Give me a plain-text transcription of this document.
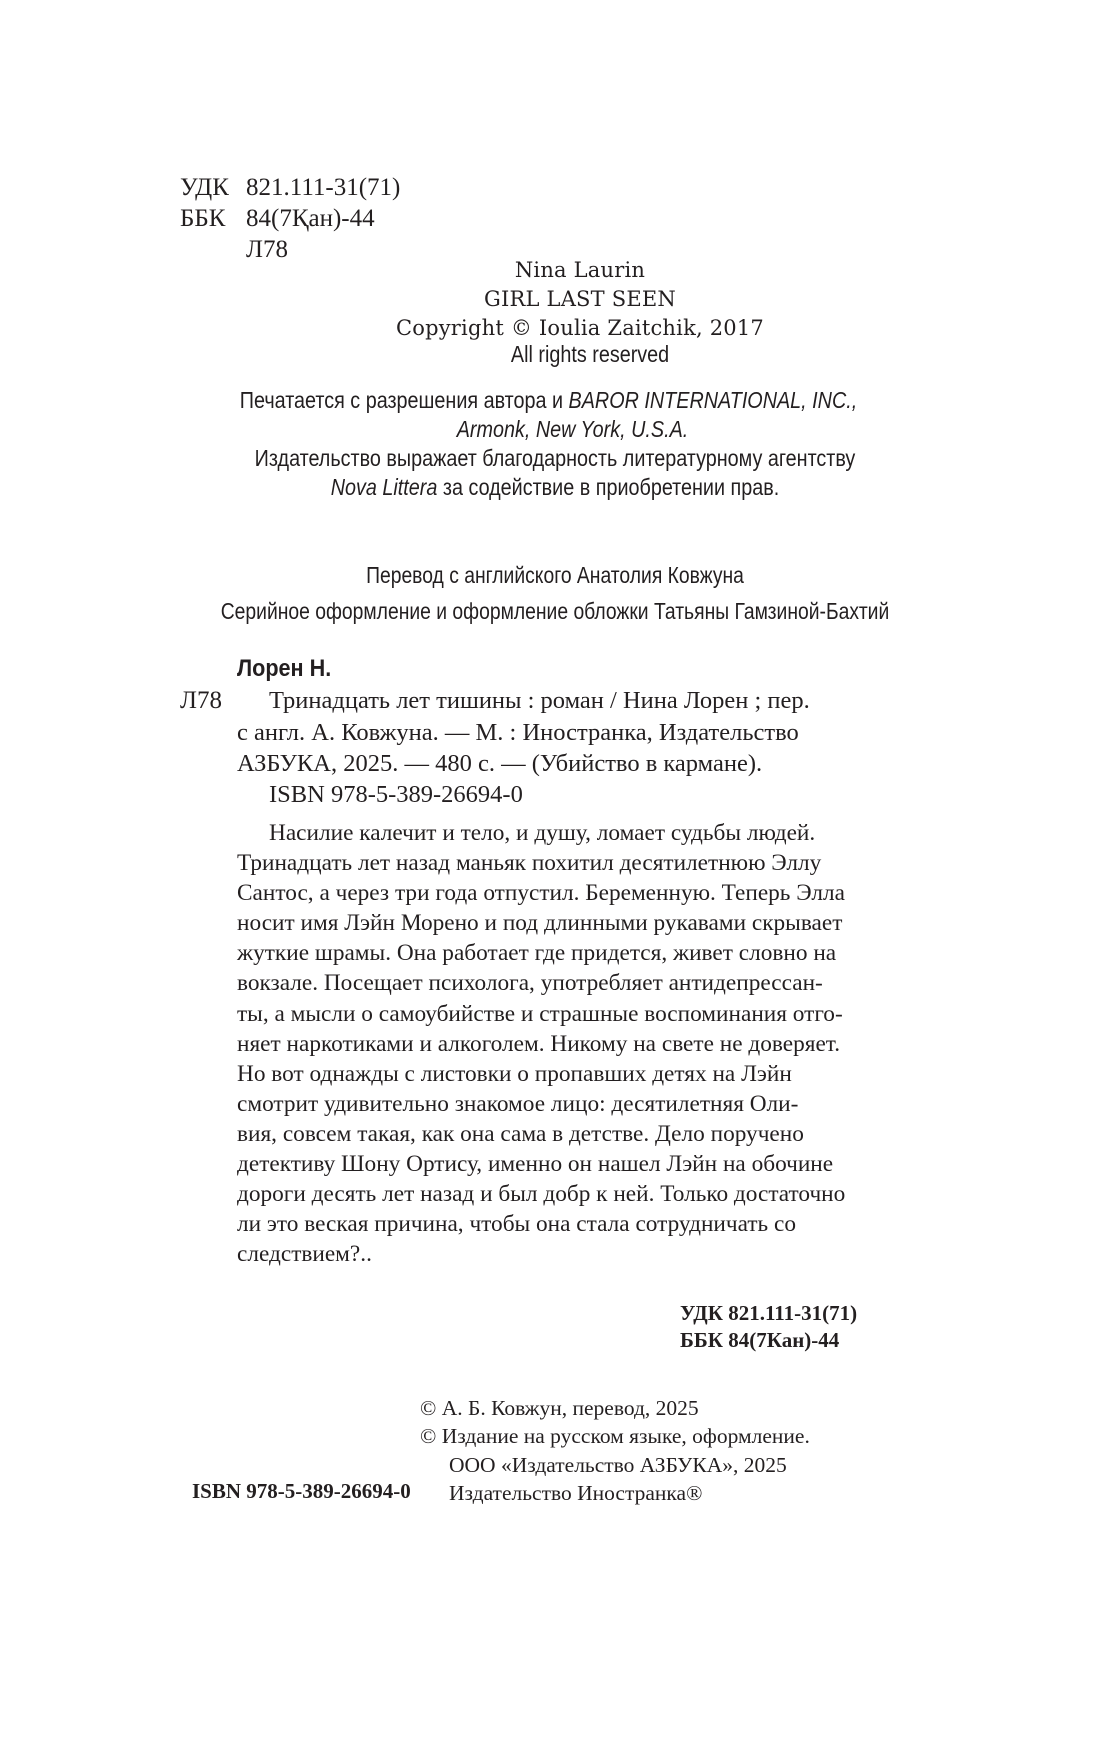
УДК 821.111-31(71)
ББК 84(7Қан)-44
Л78
Nina Laurin
GIRL LAST SEEN
Copyright © Ioulia Zaitchik, 2017
All rights reserved
Печатается с разрешения автора и BAROR INTERNATIONAL, INC.,
Armonk, New York, U.S.A.
Издательство выражает благодарность литературному агентству
Nova Littera за содействие в приобретении прав.
Перевод с английского Анатолия Ковжуна
Серийное оформление и оформление обложки Татьяны Гамзиной-Бахтий
Лорен Н.
Л78 Тринадцать лет тишины : роман / Нина Лорен ; пер.
с англ. А. Ковжуна. — М. : Иностранка, Издательство
АЗБУКА, 2025. — 480 с. — (Убийство в кармане).
ISBN 978-5-389-26694-0
Насилие калечит и тело, и душу, ломает судьбы людей.
Тринадцать лет назад маньяк похитил десятилетнюю Эллу
Сантос, а через три года отпустил. Беременную. Теперь Элла
носит имя Лэйн Морено и под длинными рукавами скрывает
жуткие шрамы. Она работает где придется, живет словно на
вокзале. Посещает психолога, употребляет антидепрессан-
ты, а мысли о самоубийстве и страшные воспоминания отго-
няет наркотиками и алкоголем. Никому на свете не доверяет.
Но вот однажды с листовки о пропавших детях на Лэйн
смотрит удивительно знакомое лицо: десятилетняя Оли-
вия, совсем такая, как она сама в детстве. Дело поручено
детективу Шону Ортису, именно он нашел Лэйн на обочине
дороги десять лет назад и был добр к ней. Только достаточно
ли это веская причина, чтобы она стала сотрудничать со
следствием?..
УДК 821.111-31(71)
ББК 84(7Кан)-44
© А. Б. Ковжун, перевод, 2025
© Издание на русском языке, оформление.
ООО «Издательство АЗБУКА», 2025
Издательство Иностранка®
ISBN 978-5-389-26694-0
